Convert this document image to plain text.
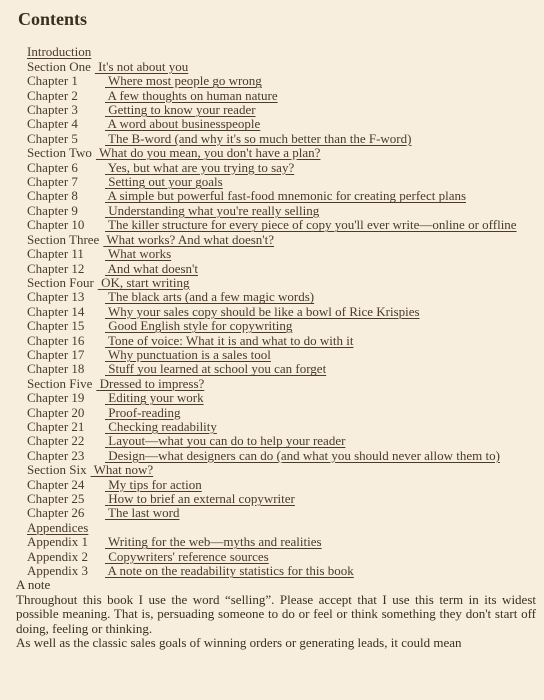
Contents
Introduction
Section One It's not about you
Chapter 1 Where most people go wrong
Chapter 2 A few thoughts on human nature
Chapter 3 Getting to know your reader
Chapter 4 A word about businesspeople
Chapter 5 The B-word (and why it's so much better than the F-word)
Section Two What do you mean, you don't have a plan?
Chapter 6 Yes, but what are you trying to say?
Chapter 7 Setting out your goals
Chapter 8 A simple but powerful fast-food mnemonic for creating perfect plans
Chapter 9 Understanding what you're really selling
Chapter 10 The killer structure for every piece of copy you'll ever write—online or offline
Section Three What works? And what doesn't?
Chapter 11 What works
Chapter 12 And what doesn't
Section Four OK, start writing
Chapter 13 The black arts (and a few magic words)
Chapter 14 Why your sales copy should be like a bowl of Rice Krispies
Chapter 15 Good English style for copywriting
Chapter 16 Tone of voice: What it is and what to do with it
Chapter 17 Why punctuation is a sales tool
Chapter 18 Stuff you learned at school you can forget
Section Five Dressed to impress?
Chapter 19 Editing your work
Chapter 20 Proof-reading
Chapter 21 Checking readability
Chapter 22 Layout—what you can do to help your reader
Chapter 23 Design—what designers can do (and what you should never allow them to)
Section Six What now?
Chapter 24 My tips for action
Chapter 25 How to brief an external copywriter
Chapter 26 The last word
Appendices
Appendix 1 Writing for the web—myths and realities
Appendix 2 Copywriters' reference sources
Appendix 3 A note on the readability statistics for this book
A note

Throughout this book I use the word “selling”. Please accept that I use this term in its widest possible meaning. That is, persuading someone to do or feel or think something they don't start off doing, feeling or thinking.

As well as the classic sales goals of winning orders or generating leads, it could mean
